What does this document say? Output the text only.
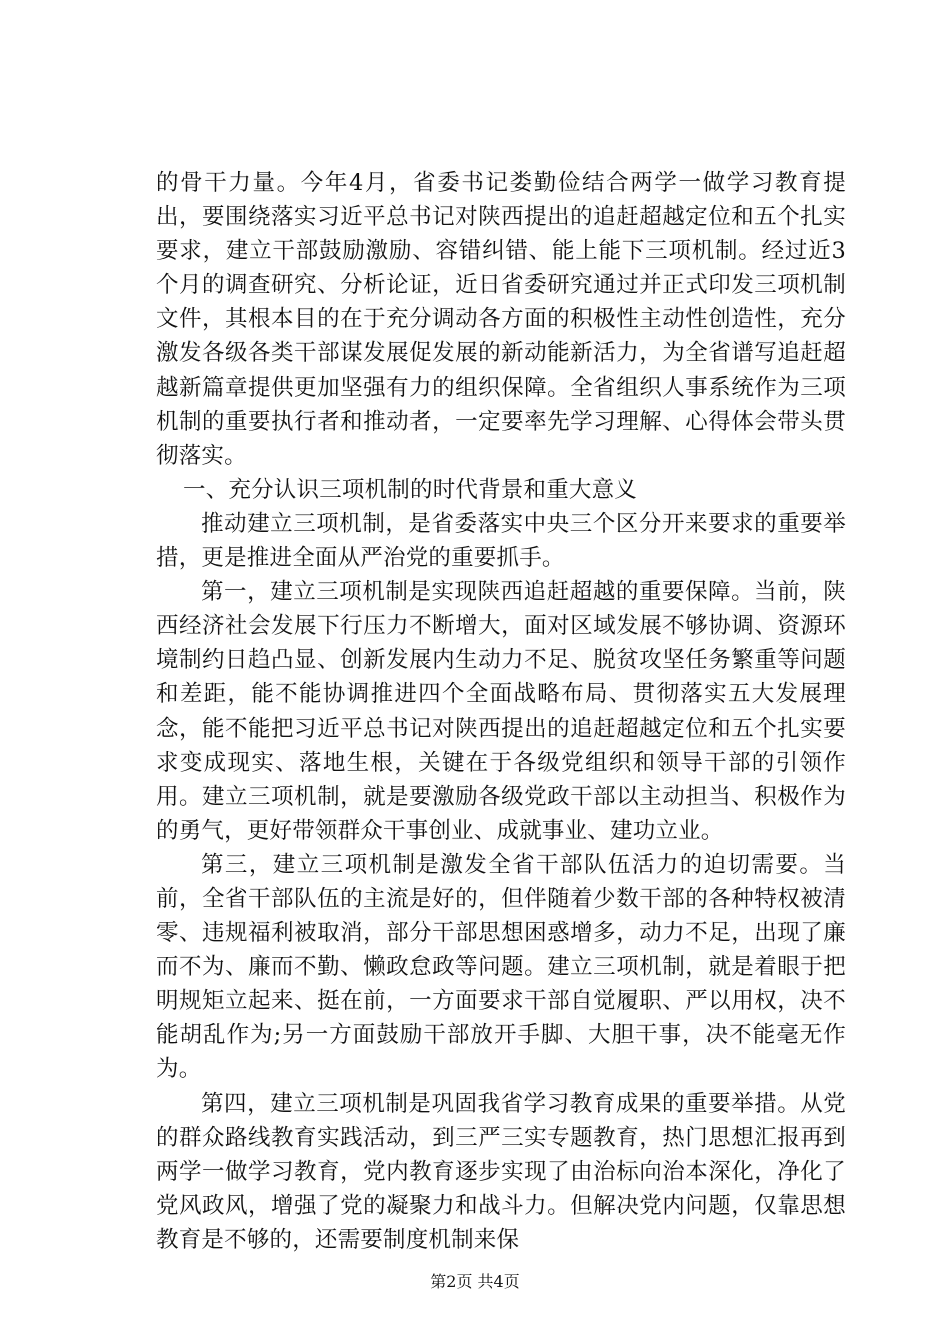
的骨干力量。今年4月，省委书记娄勤俭结合两学一做学习教育提出，要围绕落实习近平总书记对陕西提出的追赶超越定位和五个扎实要求，建立干部鼓励激励、容错纠错、能上能下三项机制。经过近3个月的调查研究、分析论证，近日省委研究通过并正式印发三项机制文件，其根本目的在于充分调动各方面的积极性主动性创造性，充分激发各级各类干部谋发展促发展的新动能新活力，为全省谱写追赶超越新篇章提供更加坚强有力的组织保障。全省组织人事系统作为三项机制的重要执行者和推动者，一定要率先学习理解、心得体会带头贯彻落实。

一、充分认识三项机制的时代背景和重大意义

推动建立三项机制，是省委落实中央三个区分开来要求的重要举措，更是推进全面从严治党的重要抓手。

第一，建立三项机制是实现陕西追赶超越的重要保障。当前，陕西经济社会发展下行压力不断增大，面对区域发展不够协调、资源环境制约日趋凸显、创新发展内生动力不足、脱贫攻坚任务繁重等问题和差距，能不能协调推进四个全面战略布局、贯彻落实五大发展理念，能不能把习近平总书记对陕西提出的追赶超越定位和五个扎实要求变成现实、落地生根，关键在于各级党组织和领导干部的引领作用。建立三项机制，就是要激励各级党政干部以主动担当、积极作为的勇气，更好带领群众干事创业、成就事业、建功立业。

第三，建立三项机制是激发全省干部队伍活力的迫切需要。当前，全省干部队伍的主流是好的，但伴随着少数干部的各种特权被清零、违规福利被取消，部分干部思想困惑增多，动力不足，出现了廉而不为、廉而不勤、懒政怠政等问题。建立三项机制，就是着眼于把明规矩立起来、挺在前，一方面要求干部自觉履职、严以用权，决不能胡乱作为;另一方面鼓励干部放开手脚、大胆干事，决不能毫无作为。

第四，建立三项机制是巩固我省学习教育成果的重要举措。从党的群众路线教育实践活动，到三严三实专题教育，热门思想汇报再到两学一做学习教育，党内教育逐步实现了由治标向治本深化，净化了党风政风，增强了党的凝聚力和战斗力。但解决党内问题，仅靠思想教育是不够的，还需要制度机制来保

第2页 共4页
